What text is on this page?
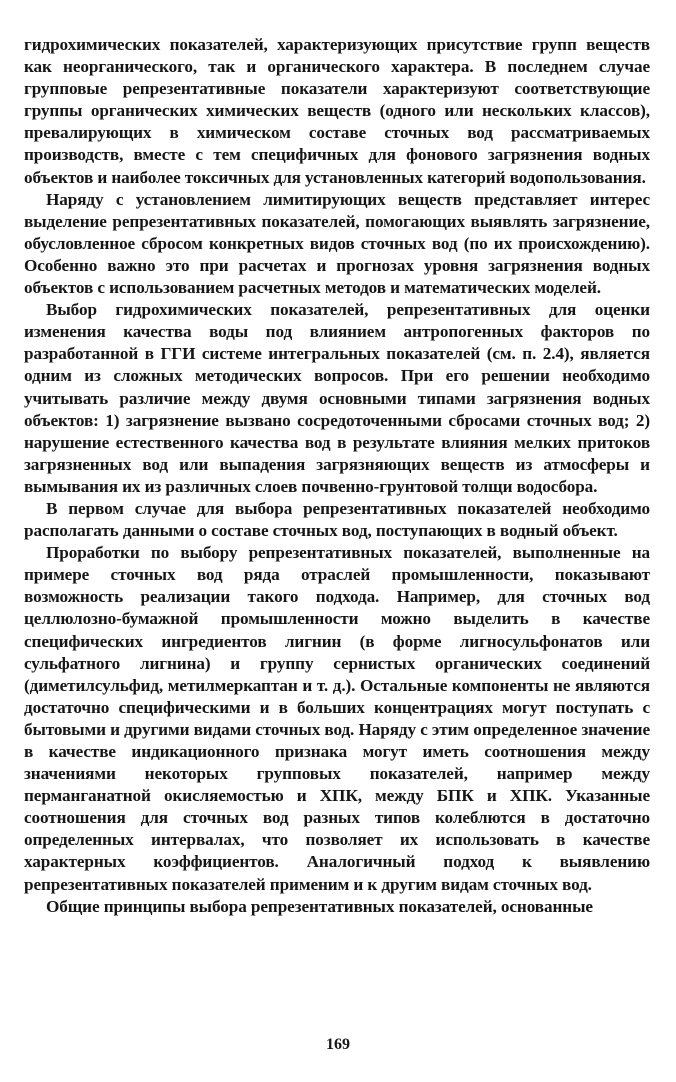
гидрохимических показателей, характеризующих присутствие групп веществ как неорганического, так и органического характера. В последнем случае групповые репрезентативные показатели характеризуют соответствующие группы органических химических веществ (одного или нескольких классов), превалирующих в химическом составе сточных вод рассматриваемых производств, вместе с тем специфичных для фонового загрязнения водных объектов и наиболее токсичных для установленных категорий водопользования.

Наряду с установлением лимитирующих веществ представляет интерес выделение репрезентативных показателей, помогающих выявлять загрязнение, обусловленное сбросом конкретных видов сточных вод (по их происхождению). Особенно важно это при расчетах и прогнозах уровня загрязнения водных объектов с использованием расчетных методов и математических моделей.

Выбор гидрохимических показателей, репрезентативных для оценки изменения качества воды под влиянием антропогенных факторов по разработанной в ГГИ системе интегральных показателей (см. п. 2.4), является одним из сложных методических вопросов. При его решении необходимо учитывать различие между двумя основными типами загрязнения водных объектов: 1) загрязнение вызвано сосредоточенными сбросами сточных вод; 2) нарушение естественного качества вод в результате влияния мелких притоков загрязненных вод или выпадения загрязняющих веществ из атмосферы и вымывания их из различных слоев почвенно-грунтовой толщи водосбора.

В первом случае для выбора репрезентативных показателей необходимо располагать данными о составе сточных вод, поступающих в водный объект.

Проработки по выбору репрезентативных показателей, выполненные на примере сточных вод ряда отраслей промышленности, показывают возможность реализации такого подхода. Например, для сточных вод целлюлозно-бумажной промышленности можно выделить в качестве специфических ингредиентов лигнин (в форме лигносульфонатов или сульфатного лигнина) и группу сернистых органических соединений (диметилсульфид, метилмеркаптан и т. д.). Остальные компоненты не являются достаточно специфическими и в больших концентрациях могут поступать с бытовыми и другими видами сточных вод. Наряду с этим определенное значение в качестве индикационного признака могут иметь соотношения между значениями некоторых групповых показателей, например между перманганатной окисляемостью и ХПК, между БПК и ХПК. Указанные соотношения для сточных вод разных типов колеблются в достаточно определенных интервалах, что позволяет их использовать в качестве характерных коэффициентов. Аналогичный подход к выявлению репрезентативных показателей применим и к другим видам сточных вод.

Общие принципы выбора репрезентативных показателей, основанные

169
